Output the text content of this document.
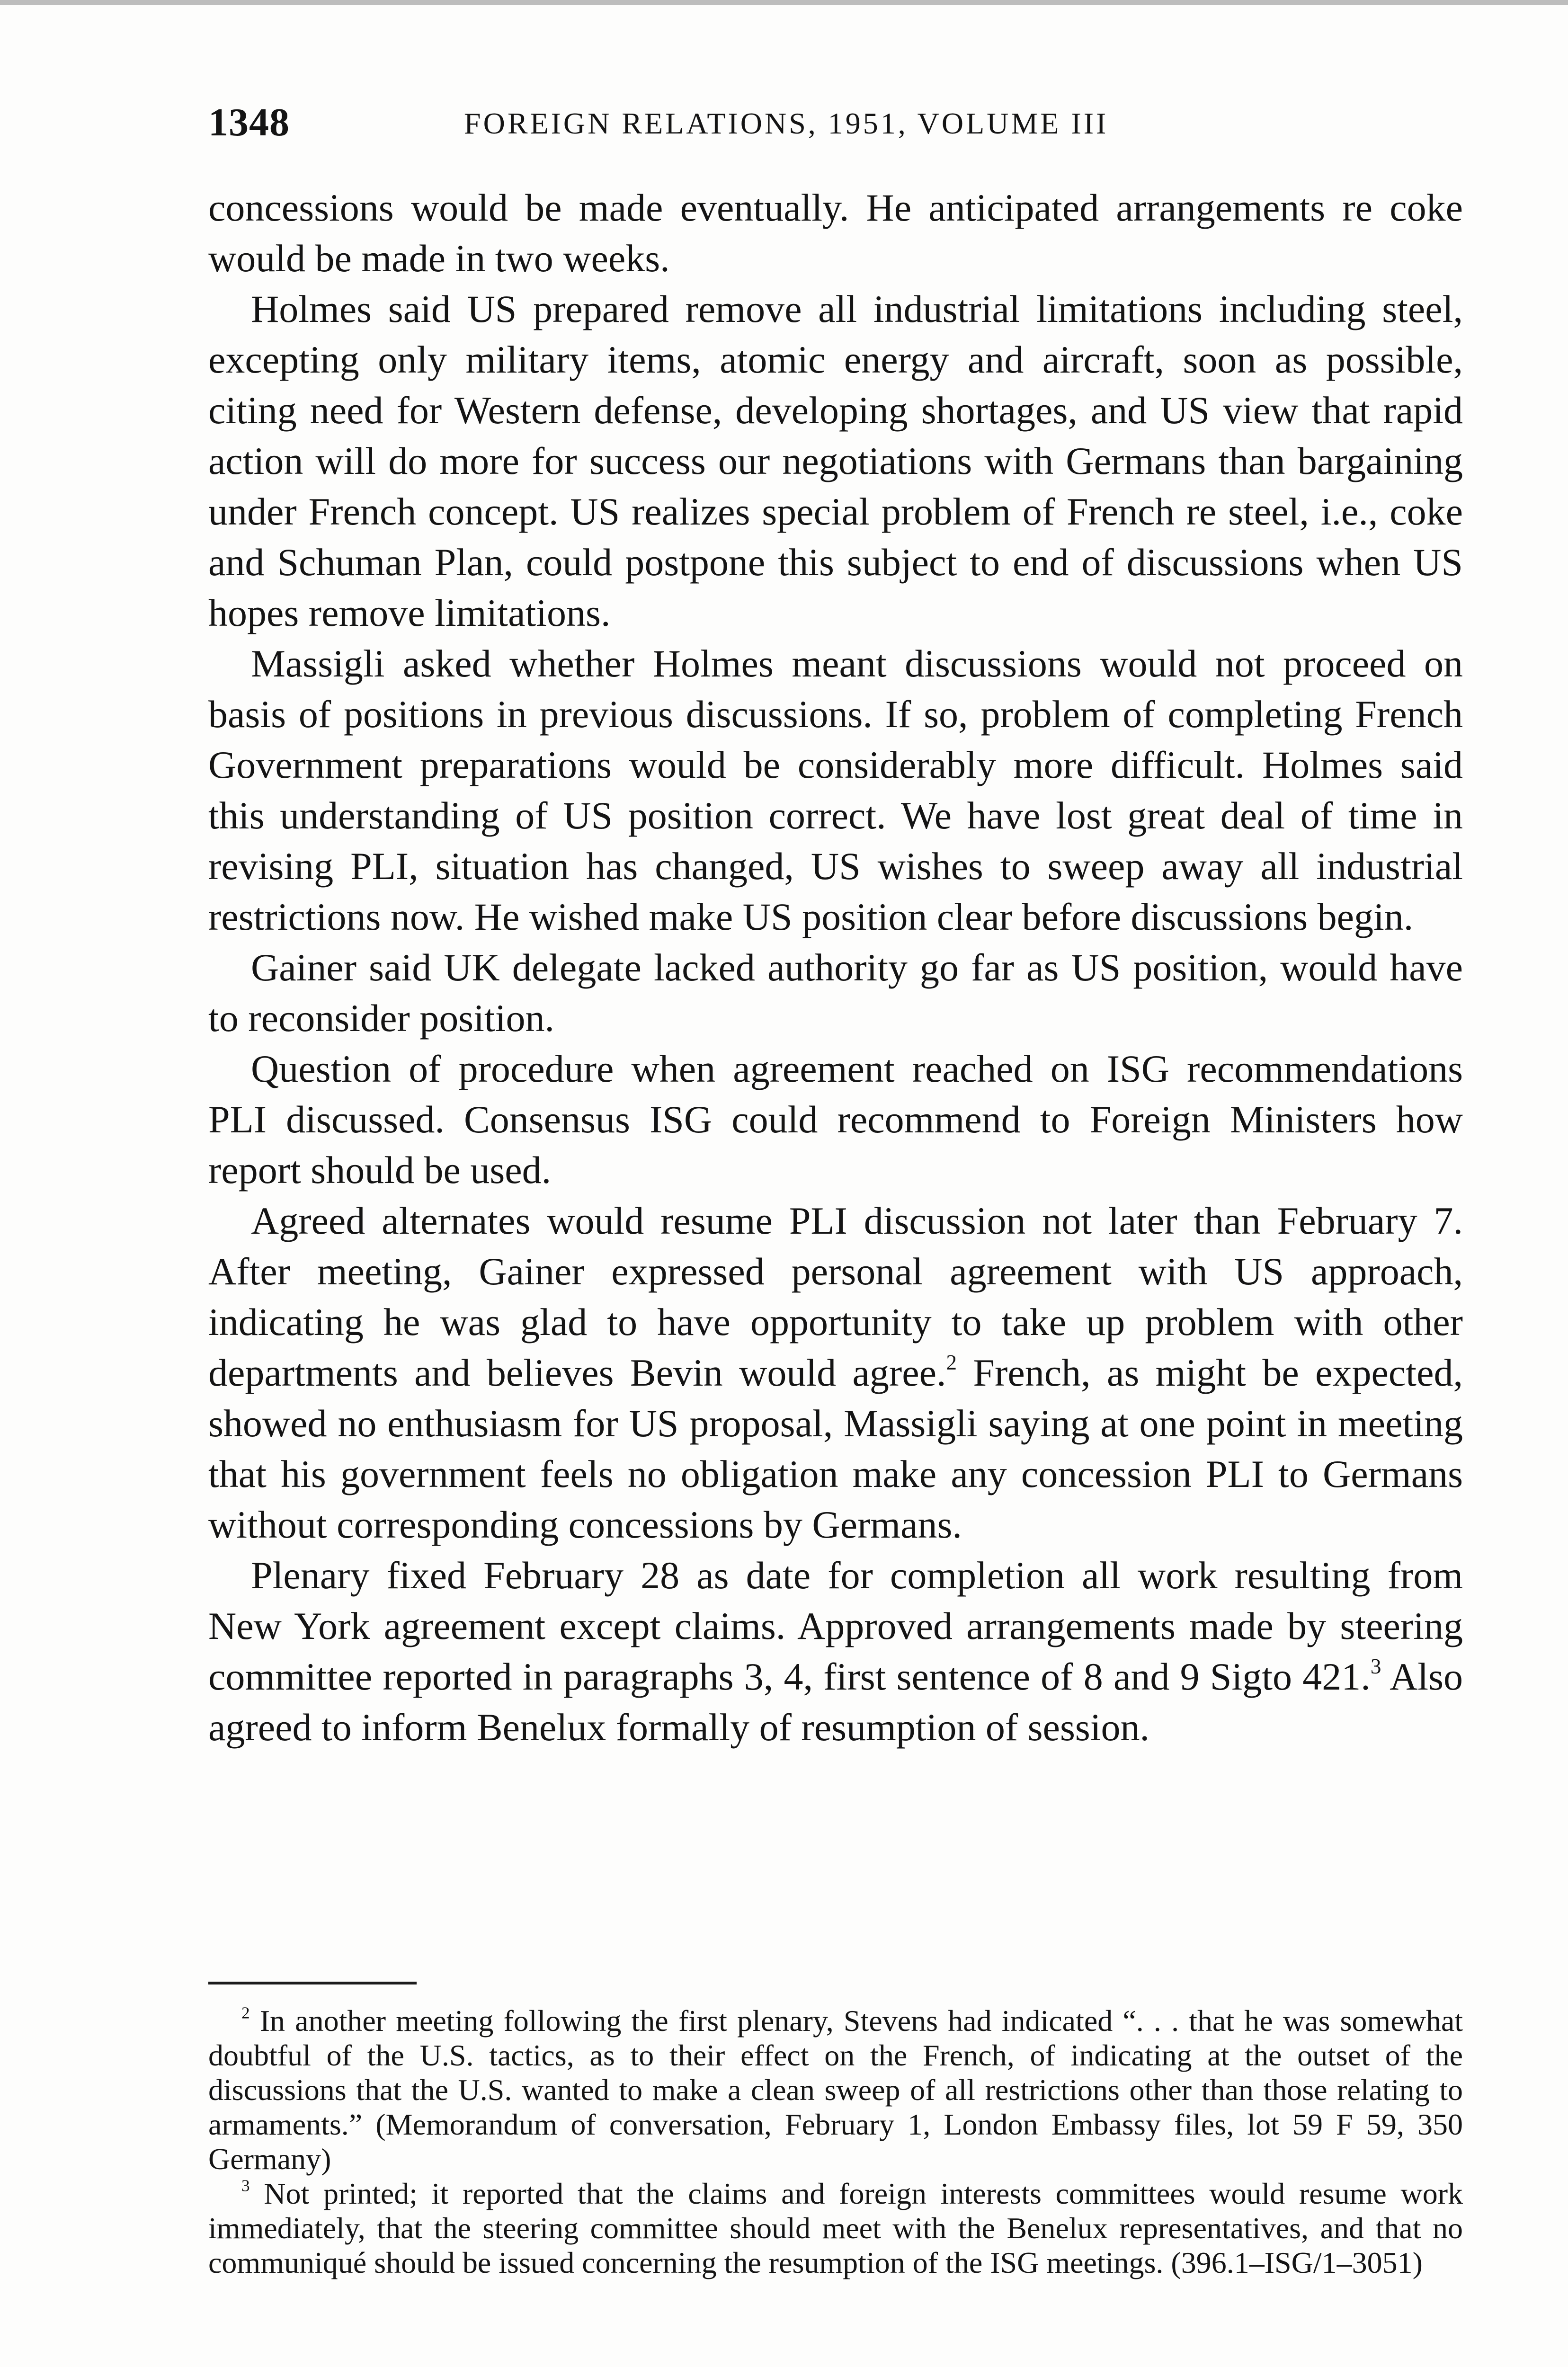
1348	FOREIGN RELATIONS, 1951, VOLUME III

concessions would be made eventually. He anticipated arrangements re coke would be made in two weeks.

Holmes said US prepared remove all industrial limitations including steel, excepting only military items, atomic energy and aircraft, soon as possible, citing need for Western defense, developing shortages, and US view that rapid action will do more for success our negotiations with Germans than bargaining under French concept. US realizes special problem of French re steel, i.e., coke and Schuman Plan, could postpone this subject to end of discussions when US hopes remove limitations.

Massigli asked whether Holmes meant discussions would not proceed on basis of positions in previous discussions. If so, problem of completing French Government preparations would be considerably more difficult. Holmes said this understanding of US position correct. We have lost great deal of time in revising PLI, situation has changed, US wishes to sweep away all industrial restrictions now. He wished make US position clear before discussions begin.

Gainer said UK delegate lacked authority go far as US position, would have to reconsider position.

Question of procedure when agreement reached on ISG recommendations PLI discussed. Consensus ISG could recommend to Foreign Ministers how report should be used.

Agreed alternates would resume PLI discussion not later than February 7. After meeting, Gainer expressed personal agreement with US approach, indicating he was glad to have opportunity to take up problem with other departments and believes Bevin would agree.$^2$ French, as might be expected, showed no enthusiasm for US proposal, Massigli saying at one point in meeting that his government feels no obligation make any concession PLI to Germans without corresponding concessions by Germans.

Plenary fixed February 28 as date for completion all work resulting from New York agreement except claims. Approved arrangements made by steering committee reported in paragraphs 3, 4, first sentence of 8 and 9 Sigto 421.$^3$ Also agreed to inform Benelux formally of resumption of session.

$^2$ In another meeting following the first plenary, Stevens had indicated “. . . that he was somewhat doubtful of the U.S. tactics, as to their effect on the French, of indicating at the outset of the discussions that the U.S. wanted to make a clean sweep of all restrictions other than those relating to armaments.” (Memorandum of conversation, February 1, London Embassy files, lot 59 F 59, 350 Germany)

$^3$ Not printed; it reported that the claims and foreign interests committees would resume work immediately, that the steering committee should meet with the Benelux representatives, and that no communiqué should be issued concerning the resumption of the ISG meetings. (396.1–ISG/1–3051)
